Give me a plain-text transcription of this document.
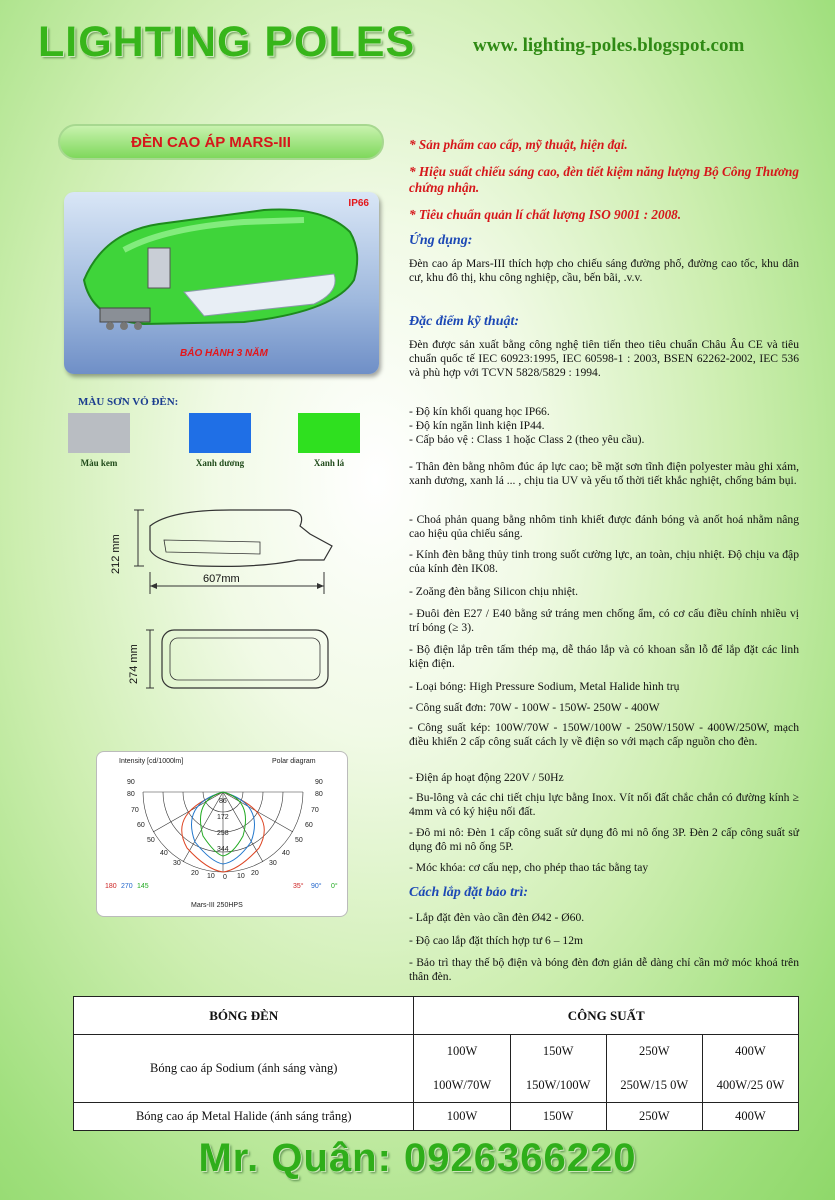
LIGHTING POLES	www. lighting-poles.blogspot.com
ĐÈN CAO ÁP MARS-III
IP66
BẢO HÀNH 3 NĂM
MÀU SƠN VỎ ĐÈN:
Màu kem	Xanh dương	Xanh lá
212 mm
607mm
274 mm
Intensity [cd/1000lm]	Polar diagram
90
80
70
60
50
40
30
90
80
70
60
50
40
30
20 10 0 10 20
86
172
258
344
180 270 145	35° 90° 0°
Mars-III 250HPS
* Sản phẩm cao cấp, mỹ thuật, hiện đại.
* Hiệu suất chiếu sáng cao, đèn tiết kiệm năng lượng Bộ Công Thương chứng nhận.
* Tiêu chuẩn quản lí chất lượng ISO 9001 : 2008.
Ứng dụng:
Đèn cao áp Mars-III thích hợp cho chiếu sáng đường phố, đường cao tốc, khu dân cư, khu đô thị, khu công nghiệp, cầu, bến bãi, .v.v.
Đặc điểm kỹ thuật:
Đèn được sản xuất bằng công nghệ tiên tiến theo tiêu chuẩn Châu Âu CE và tiêu chuẩn quốc tế IEC 60923:1995, IEC 60598-1 : 2003, BSEN 62262-2002, IEC 536 và phù hợp với TCVN 5828/5829 : 1994.
- Độ kín khối quang học IP66.
- Độ kín ngăn linh kiện IP44.
- Cấp bảo vệ : Class 1 hoặc Class 2 (theo yêu cầu).
- Thân đèn bằng nhôm đúc áp lực cao; bề mặt sơn tĩnh điện polyester màu ghi xám, xanh dương, xanh lá ... , chịu tia UV và yếu tố thời tiết khắc nghiệt, chống bám bụi.
- Choá phản quang bằng nhôm tinh khiết được đánh bóng và anốt hoá nhằm nâng cao hiệu qủa chiếu sáng.
- Kính đèn bằng thủy tinh trong suốt cường lực, an toàn, chịu nhiệt. Độ chịu va đập của kính đèn IK08.
- Zoăng đèn bằng Silicon chịu nhiệt.
- Đuôi đèn E27 / E40 bằng sứ tráng men chống ẩm, có cơ cấu điều chỉnh nhiều vị trí bóng (≥ 3).
- Bộ điện lắp trên tấm thép mạ, dễ tháo lắp và có khoan sẵn lỗ để lắp đặt các linh kiện điện.
- Loại bóng: High Pressure Sodium, Metal Halide hình trụ
- Công suất đơn: 70W - 100W - 150W- 250W - 400W
- Công suất kép: 100W/70W - 150W/100W - 250W/150W - 400W/250W, mạch điều khiển 2 cấp công suất cách ly về điện so với mạch cấp nguồn cho đèn.
- Điện áp hoạt động 220V / 50Hz
- Bu-lông và các chi tiết chịu lực bằng Inox. Vít nối đất chắc chắn có đường kính ≥ 4mm và có ký hiệu nối đất.
- Đô mi nô: Đèn 1 cấp công suất sử dụng đô mi nô ống 3P. Đèn 2 cấp công suất sử dụng đô mi nô ống 5P.
- Móc khóa: cơ cấu nẹp, cho phép thao tác bằng tay
Cách lắp đặt bảo trì:
- Lắp đặt đèn vào cần đèn Ø42 - Ø60.
- Độ cao lắp đặt thích hợp tư 6 – 12m
- Bảo trì thay thế bộ điện và bóng đèn đơn giản dễ dàng chỉ cần mở móc khoá trên thân đèn.
BÓNG ĐÈN	CÔNG SUẤT			
Bóng cao áp Sodium (ánh sáng vàng)	100W	150W	250W	400W
	100W/70W	150W/100W	250W/15 0W	400W/25 0W
Bóng cao áp Metal Halide (ánh sáng trắng)	100W	150W	250W	400W
Mr. Quân: 0926366220
